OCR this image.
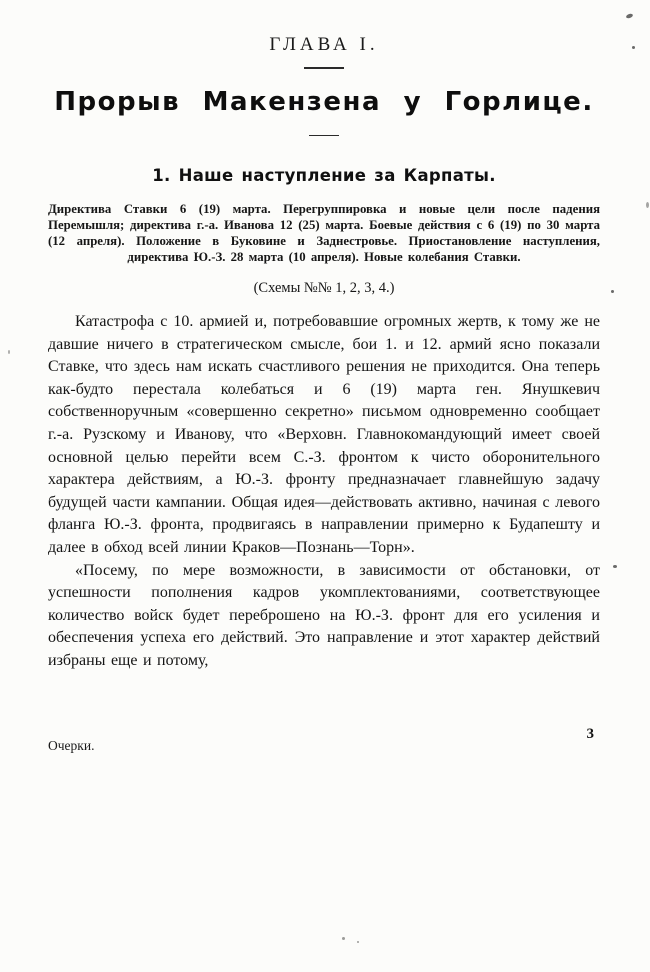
ГЛАВА I.
Прорыв Макензена у Горлице.
1. Наше наступление за Карпаты.

Директива Ставки 6 (19) марта. Перегруппировка и новые цели после падения Перемышля; директива г.-а. Иванова 12 (25) марта. Боевые действия с 6 (19) по 30 марта (12 апреля). Положение в Буковине и Заднестровье. Приостановление наступления, директива Ю.-З. 28 марта (10 апреля). Новые колебания Ставки.

(Схемы №№ 1, 2, 3, 4.)

Катастрофа с 10. армией и, потребовавшие огромных жертв, к тому же не давшие ничего в стратегическом смысле, бои 1. и 12. армий ясно показали Ставке, что здесь нам искать счастливого решения не приходится. Она теперь как-будто перестала колебаться и 6 (19) марта ген. Янушкевич собственноручным «совершенно секретно» письмом одновременно сообщает г.-а. Рузскому и Иванову, что «Верховн. Главнокомандующий имеет своей основной целью перейти всем С.-З. фронтом к чисто оборонительного характера действиям, а Ю.-З. фронту предназначает главнейшую задачу будущей части кампании. Общая идея—действовать активно, начиная с левого фланга Ю.-З. фронта, продвигаясь в направлении примерно к Будапешту и далее в обход всей линии Краков—Познань—Торн».

«Посему, по мере возможности, в зависимости от обстановки, от успешности пополнения кадров укомплектованиями, соответствующее количество войск будет переброшено на Ю.-З. фронт для его усиления и обеспечения успеха его действий. Это направление и этот характер действий избраны еще и потому,

Очерки.
3
